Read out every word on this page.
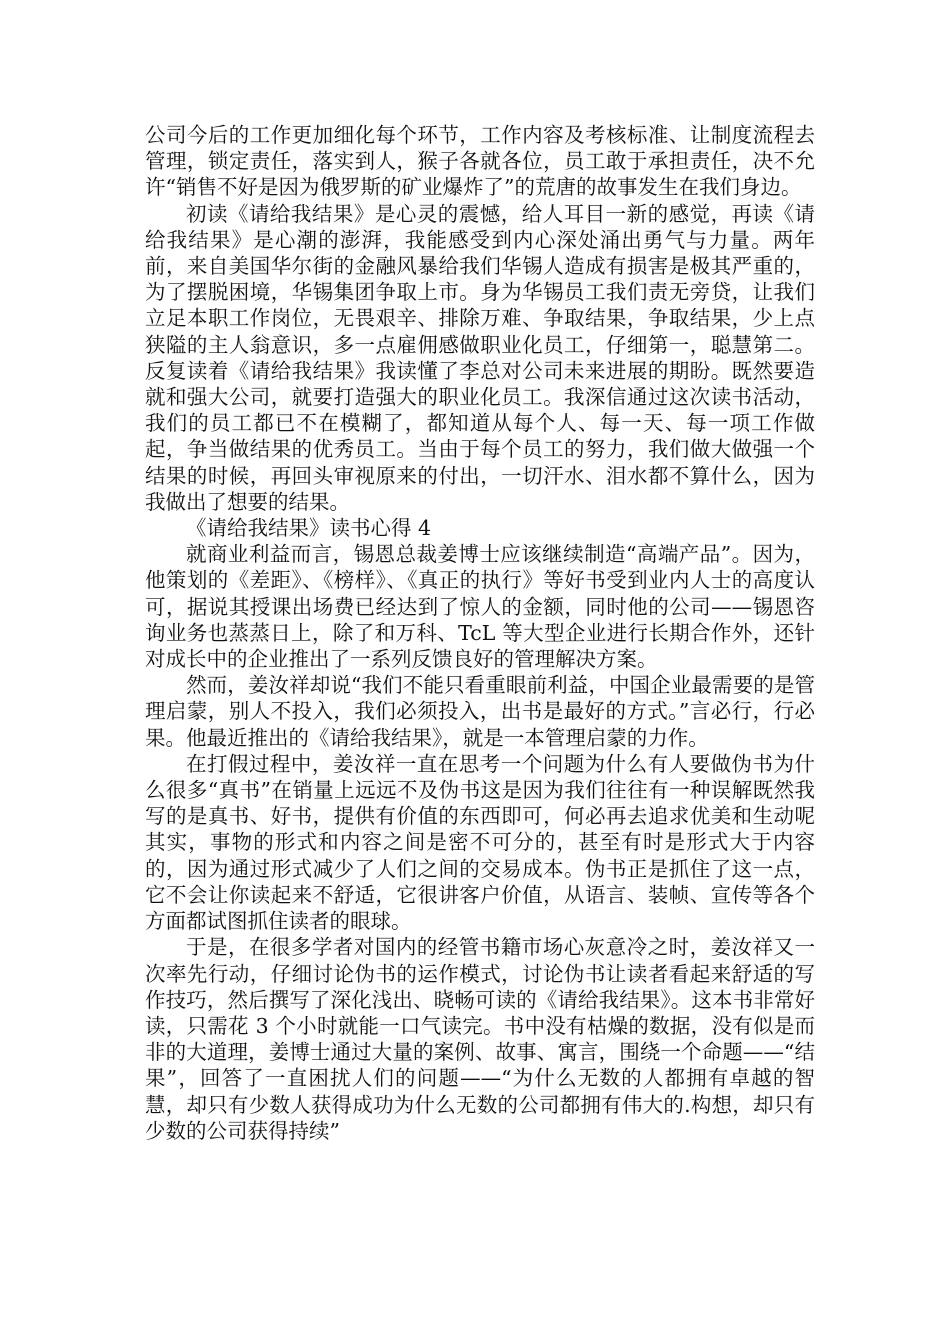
公司今后的工作更加细化每个环节，工作内容及考核标准、让制度流程去管理，锁定责任，落实到人，猴子各就各位，员工敢于承担责任，决不允许“销售不好是因为俄罗斯的矿业爆炸了”的荒唐的故事发生在我们身边。

初读《请给我结果》是心灵的震憾，给人耳目一新的感觉，再读《请给我结果》是心潮的澎湃，我能感受到内心深处涌出勇气与力量。两年前，来自美国华尔街的金融风暴给我们华锡人造成有损害是极其严重的，为了摆脱困境，华锡集团争取上市。身为华锡员工我们责无旁贷，让我们立足本职工作岗位，无畏艰辛、排除万难、争取结果，争取结果，少上点狭隘的主人翁意识，多一点雇佣感做职业化员工，仔细第一，聪慧第二。反复读着《请给我结果》我读懂了李总对公司未来进展的期盼。既然要造就和强大公司，就要打造强大的职业化员工。我深信通过这次读书活动，我们的员工都已不在模糊了，都知道从每个人、每一天、每一项工作做起，争当做结果的优秀员工。当由于每个员工的努力，我们做大做强一个结果的时候，再回头审视原来的付出，一切汗水、泪水都不算什么，因为我做出了想要的结果。

《请给我结果》读书心得 4

就商业利益而言，锡恩总裁姜博士应该继续制造“高端产品”。因为，他策划的《差距》、《榜样》、《真正的执行》等好书受到业内人士的高度认可，据说其授课出场费已经达到了惊人的金额，同时他的公司——锡恩咨询业务也蒸蒸日上，除了和万科、TcL 等大型企业进行长期合作外，还针对成长中的企业推出了一系列反馈良好的管理解决方案。

然而，姜汝祥却说“我们不能只看重眼前利益，中国企业最需要的是管理启蒙，别人不投入，我们必须投入，出书是最好的方式。”言必行，行必果。他最近推出的《请给我结果》，就是一本管理启蒙的力作。

在打假过程中，姜汝祥一直在思考一个问题为什么有人要做伪书为什么很多“真书”在销量上远远不及伪书这是因为我们往往有一种误解既然我写的是真书、好书，提供有价值的东西即可，何必再去追求优美和生动呢其实，事物的形式和内容之间是密不可分的，甚至有时是形式大于内容的，因为通过形式减少了人们之间的交易成本。伪书正是抓住了这一点，它不会让你读起来不舒适，它很讲客户价值，从语言、装帧、宣传等各个方面都试图抓住读者的眼球。

于是，在很多学者对国内的经管书籍市场心灰意冷之时，姜汝祥又一次率先行动，仔细讨论伪书的运作模式，讨论伪书让读者看起来舒适的写作技巧，然后撰写了深化浅出、晓畅可读的《请给我结果》。这本书非常好读，只需花 3 个小时就能一口气读完。书中没有枯燥的数据，没有似是而非的大道理，姜博士通过大量的案例、故事、寓言，围绕一个命题——“结果”，回答了一直困扰人们的问题——“为什么无数的人都拥有卓越的智慧，却只有少数人获得成功为什么无数的公司都拥有伟大的.构想，却只有少数的公司获得持续”
